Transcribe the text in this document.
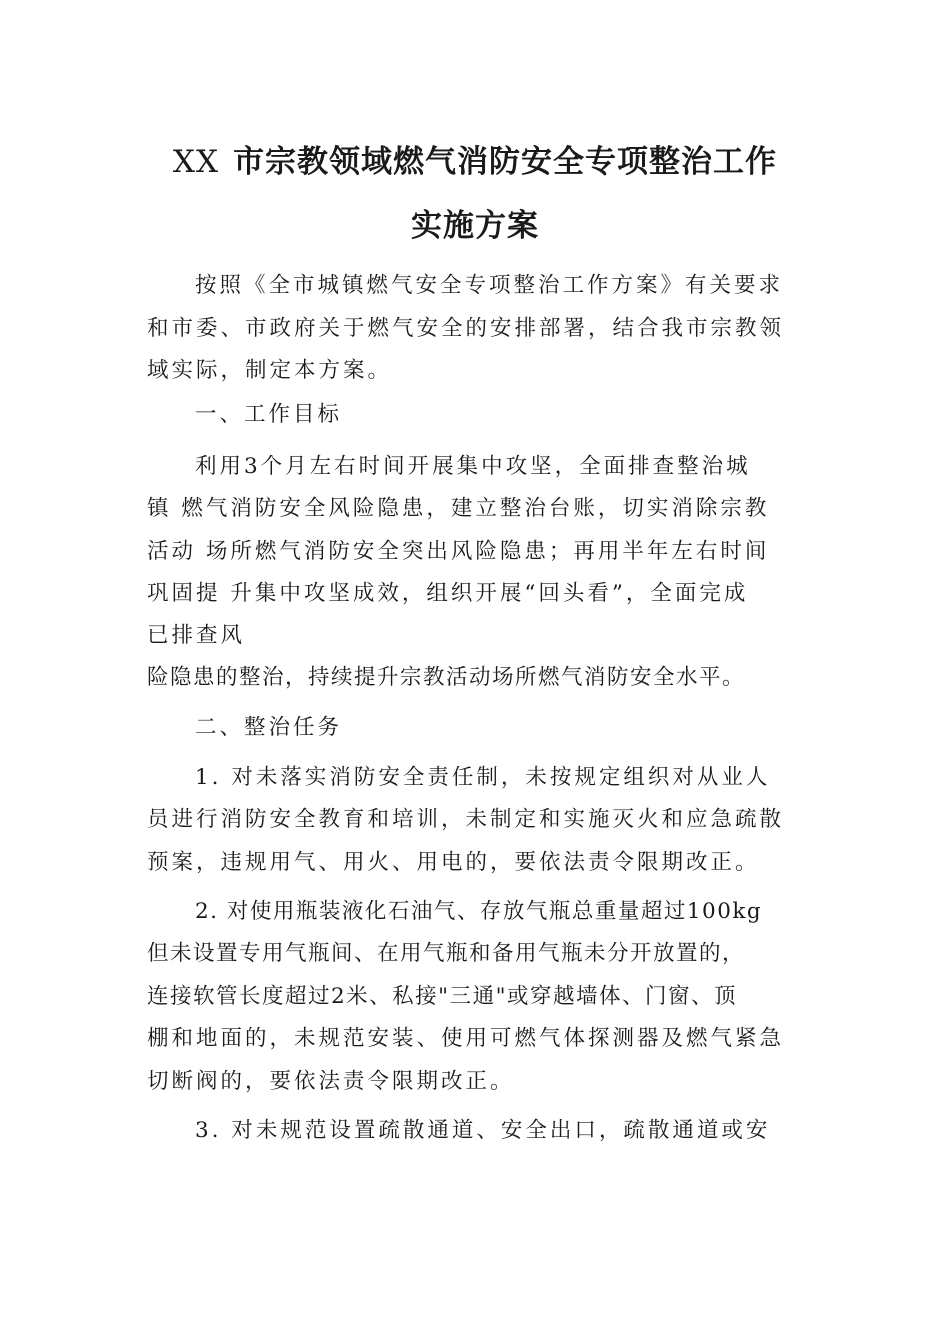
XX 市宗教领域燃气消防安全专项整治工作
实施方案
按照《全市城镇燃气安全专项整治工作方案》有关要求
和市委、市政府关于燃气安全的安排部署，结合我市宗教领
域实际，制定本方案。
一、工作目标
利用3个月左右时间开展集中攻坚，全面排查整治城
镇 燃气消防安全风险隐患，建立整治台账，切实消除宗教
活动 场所燃气消防安全突出风险隐患；再用半年左右时间
巩固提 升集中攻坚成效，组织开展“回头看”，全面完成
已排查风
险隐患的整治，持续提升宗教活动场所燃气消防安全水平。
二、整治任务
1. 对未落实消防安全责任制，未按规定组织对从业人
员进行消防安全教育和培训，未制定和实施灭火和应急疏散
预案，违规用气、用火、用电的，要依法责令限期改正。
2. 对使用瓶装液化石油气、存放气瓶总重量超过100kg
但未设置专用气瓶间、在用气瓶和备用气瓶未分开放置的，
连接软管长度超过2米、私接"三通"或穿越墙体、门窗、顶
棚和地面的，未规范安装、使用可燃气体探测器及燃气紧急
切断阀的，要依法责令限期改正。
3. 对未规范设置疏散通道、安全出口，疏散通道或安
